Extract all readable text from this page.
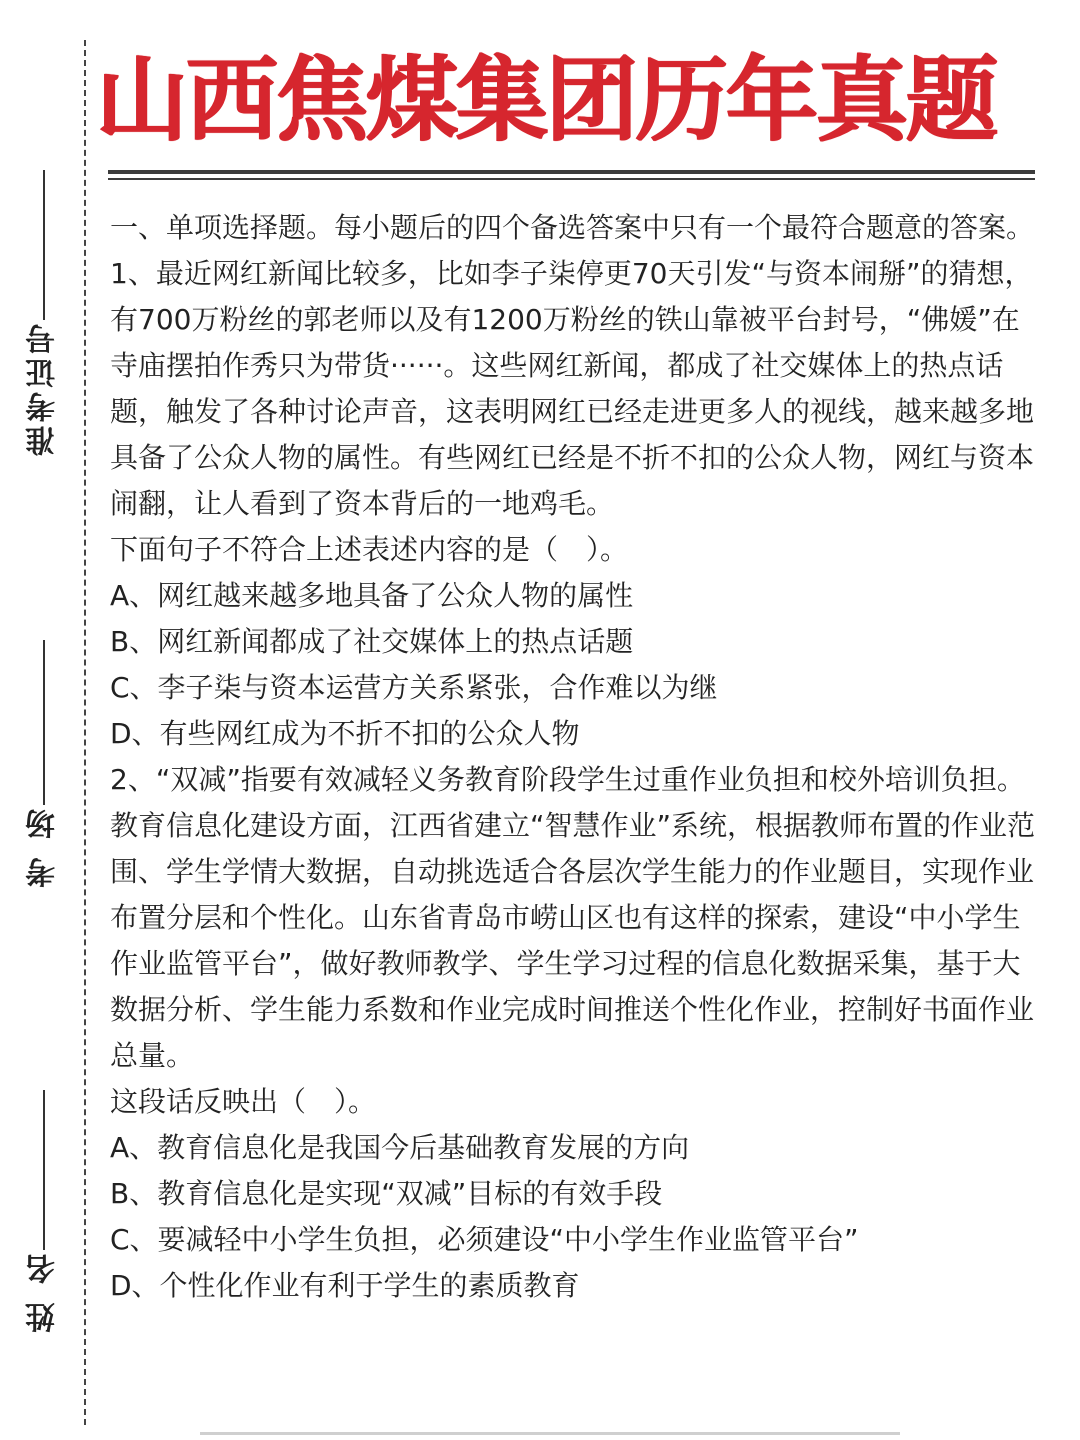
准考证号
考 场
姓 名
山西焦煤集团历年真题

一、单项选择题。每小题后的四个备选答案中只有一个最符合题意的答案。

1、最近网红新闻比较多，比如李子柒停更70天引发“与资本闹掰”的猜想，有700万粉丝的郭老师以及有1200万粉丝的铁山靠被平台封号，“佛媛”在寺庙摆拍作秀只为带货······。这些网红新闻，都成了社交媒体上的热点话题，触发了各种讨论声音，这表明网红已经走进更多人的视线，越来越多地具备了公众人物的属性。有些网红已经是不折不扣的公众人物，网红与资本闹翻，让人看到了资本背后的一地鸡毛。

下面句子不符合上述表述内容的是（　）。

A、网红越来越多地具备了公众人物的属性

B、网红新闻都成了社交媒体上的热点话题

C、李子柒与资本运营方关系紧张，合作难以为继

D、有些网红成为不折不扣的公众人物

2、“双减”指要有效减轻义务教育阶段学生过重作业负担和校外培训负担。教育信息化建设方面，江西省建立“智慧作业”系统，根据教师布置的作业范围、学生学情大数据，自动挑选适合各层次学生能力的作业题目，实现作业布置分层和个性化。山东省青岛市崂山区也有这样的探索，建设“中小学生作业监管平台”，做好教师教学、学生学习过程的信息化数据采集，基于大数据分析、学生能力系数和作业完成时间推送个性化作业，控制好书面作业总量。

这段话反映出（　）。

A、教育信息化是我国今后基础教育发展的方向

B、教育信息化是实现“双减”目标的有效手段

C、要减轻中小学生负担，必须建设“中小学生作业监管平台”

D、个性化作业有利于学生的素质教育
